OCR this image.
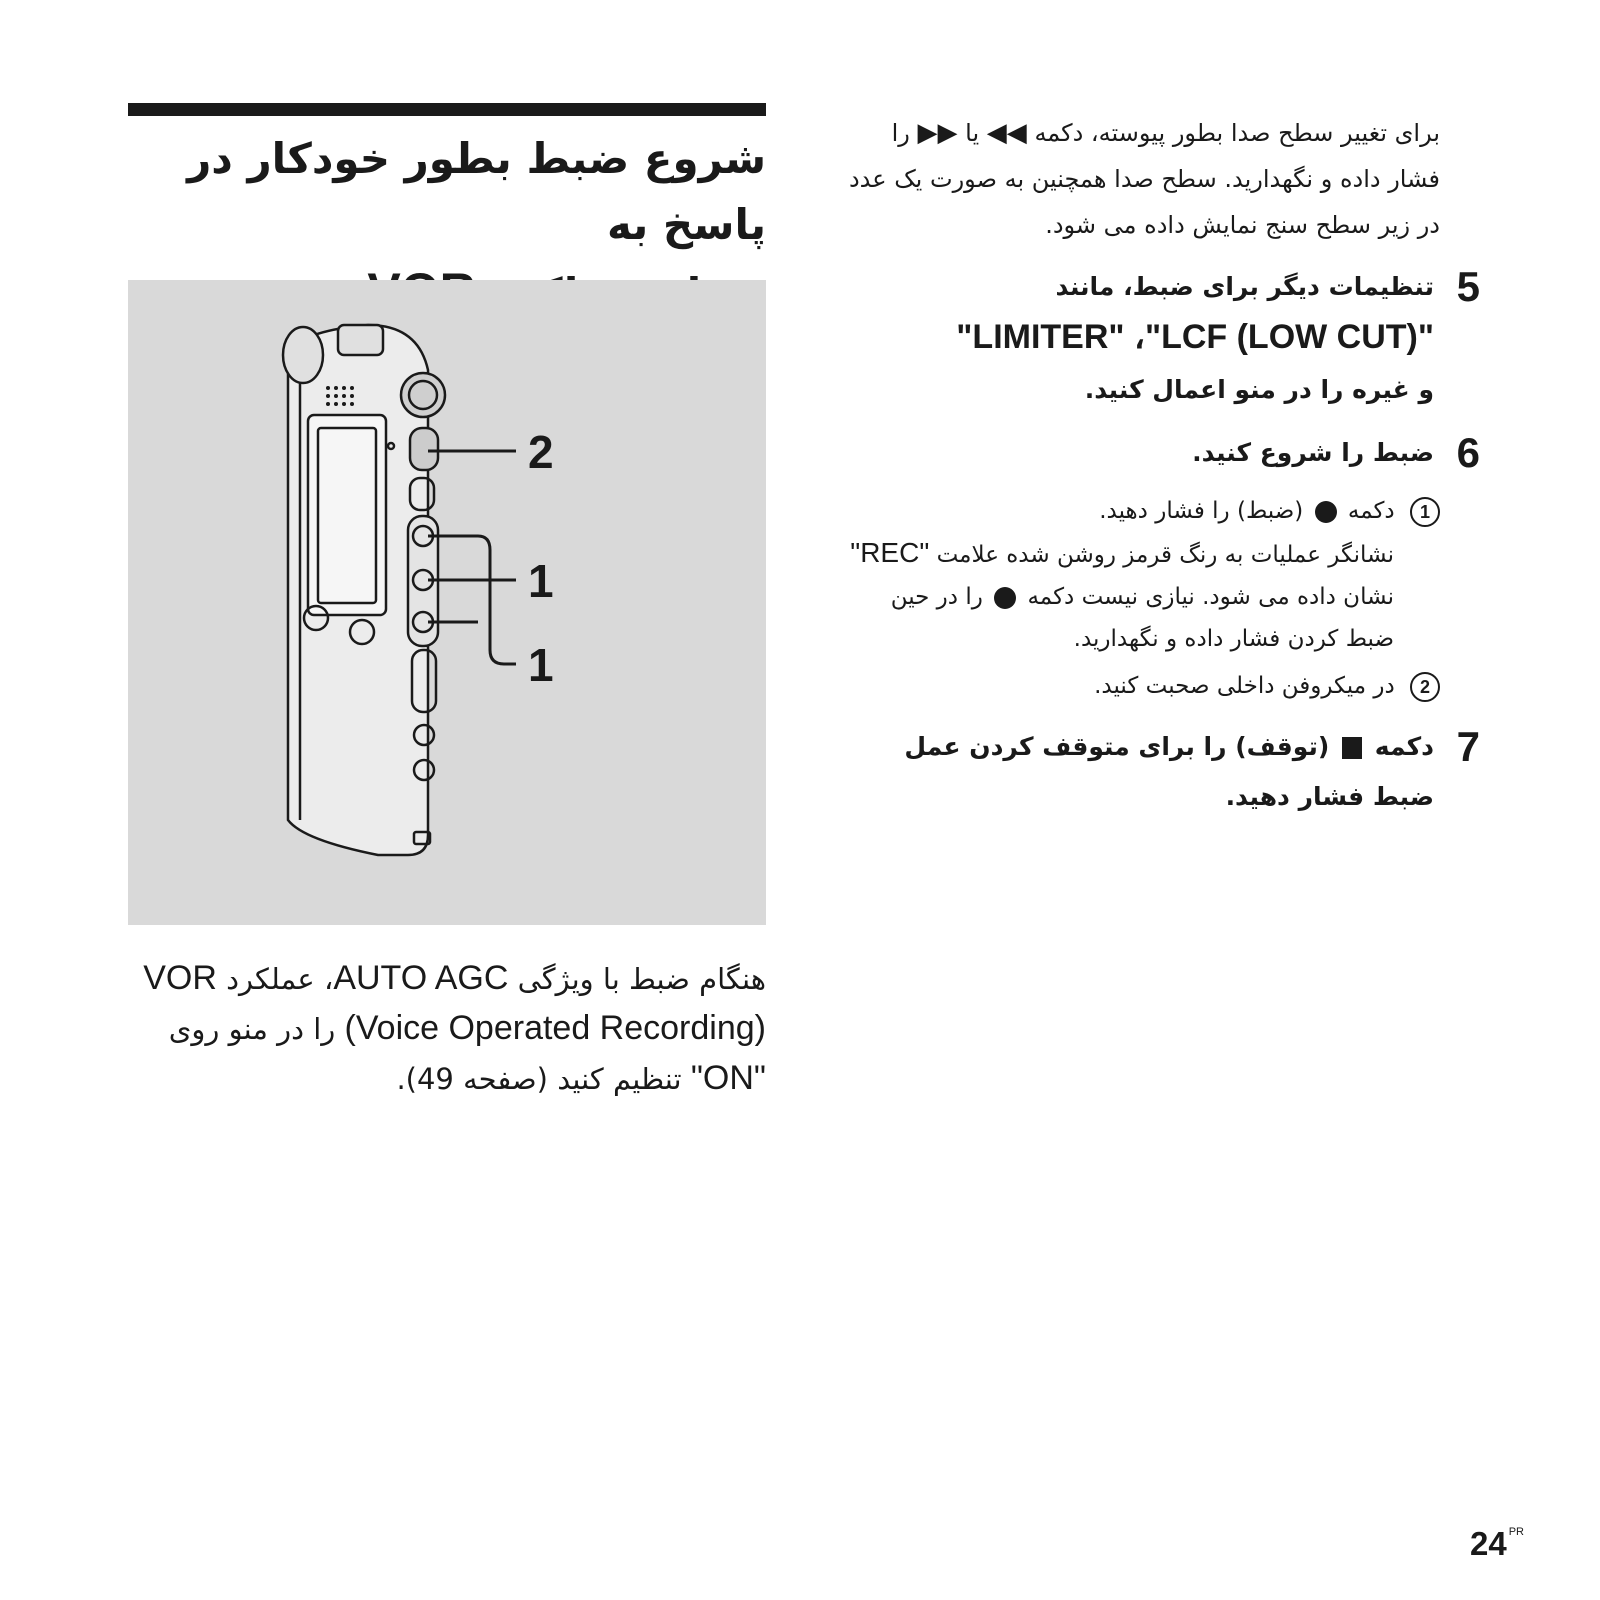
شروع ضبط بطور خودکار در پاسخ به
2
1
1
هنگام ضبط با ویژگی AUTO AGC، عملکرد VOR
(Voice Operated Recording) را در منو روی
"ON" تنظیم کنید (صفحه 49).
برای تغییر سطح صدا بطور پیوسته، دکمه ◀◀ یا ▶▶ را فشار داده و نگهدارید. سطح صدا همچنین به صورت یک عدد در زیر سطح سنج نمایش داده می شود.
5
تنظیمات دیگر برای ضبط، مانند
"LIMITER" ،"LCF (LOW CUT)"
و غیره را در منو اعمال کنید.
6
ضبط را شروع کنید.
1 دکمه  (ضبط) را فشار دهید.
نشانگر عملیات به رنگ قرمز روشن شده علامت "REC" نشان داده می شود. نیازی نیست دکمه  را در حین ضبط کردن فشار داده و نگهدارید.
2 در میکروفن داخلی صحبت کنید.
7
دکمه  (توقف) را برای متوقف کردن عمل ضبط فشار دهید.
24 $^{PR}$
